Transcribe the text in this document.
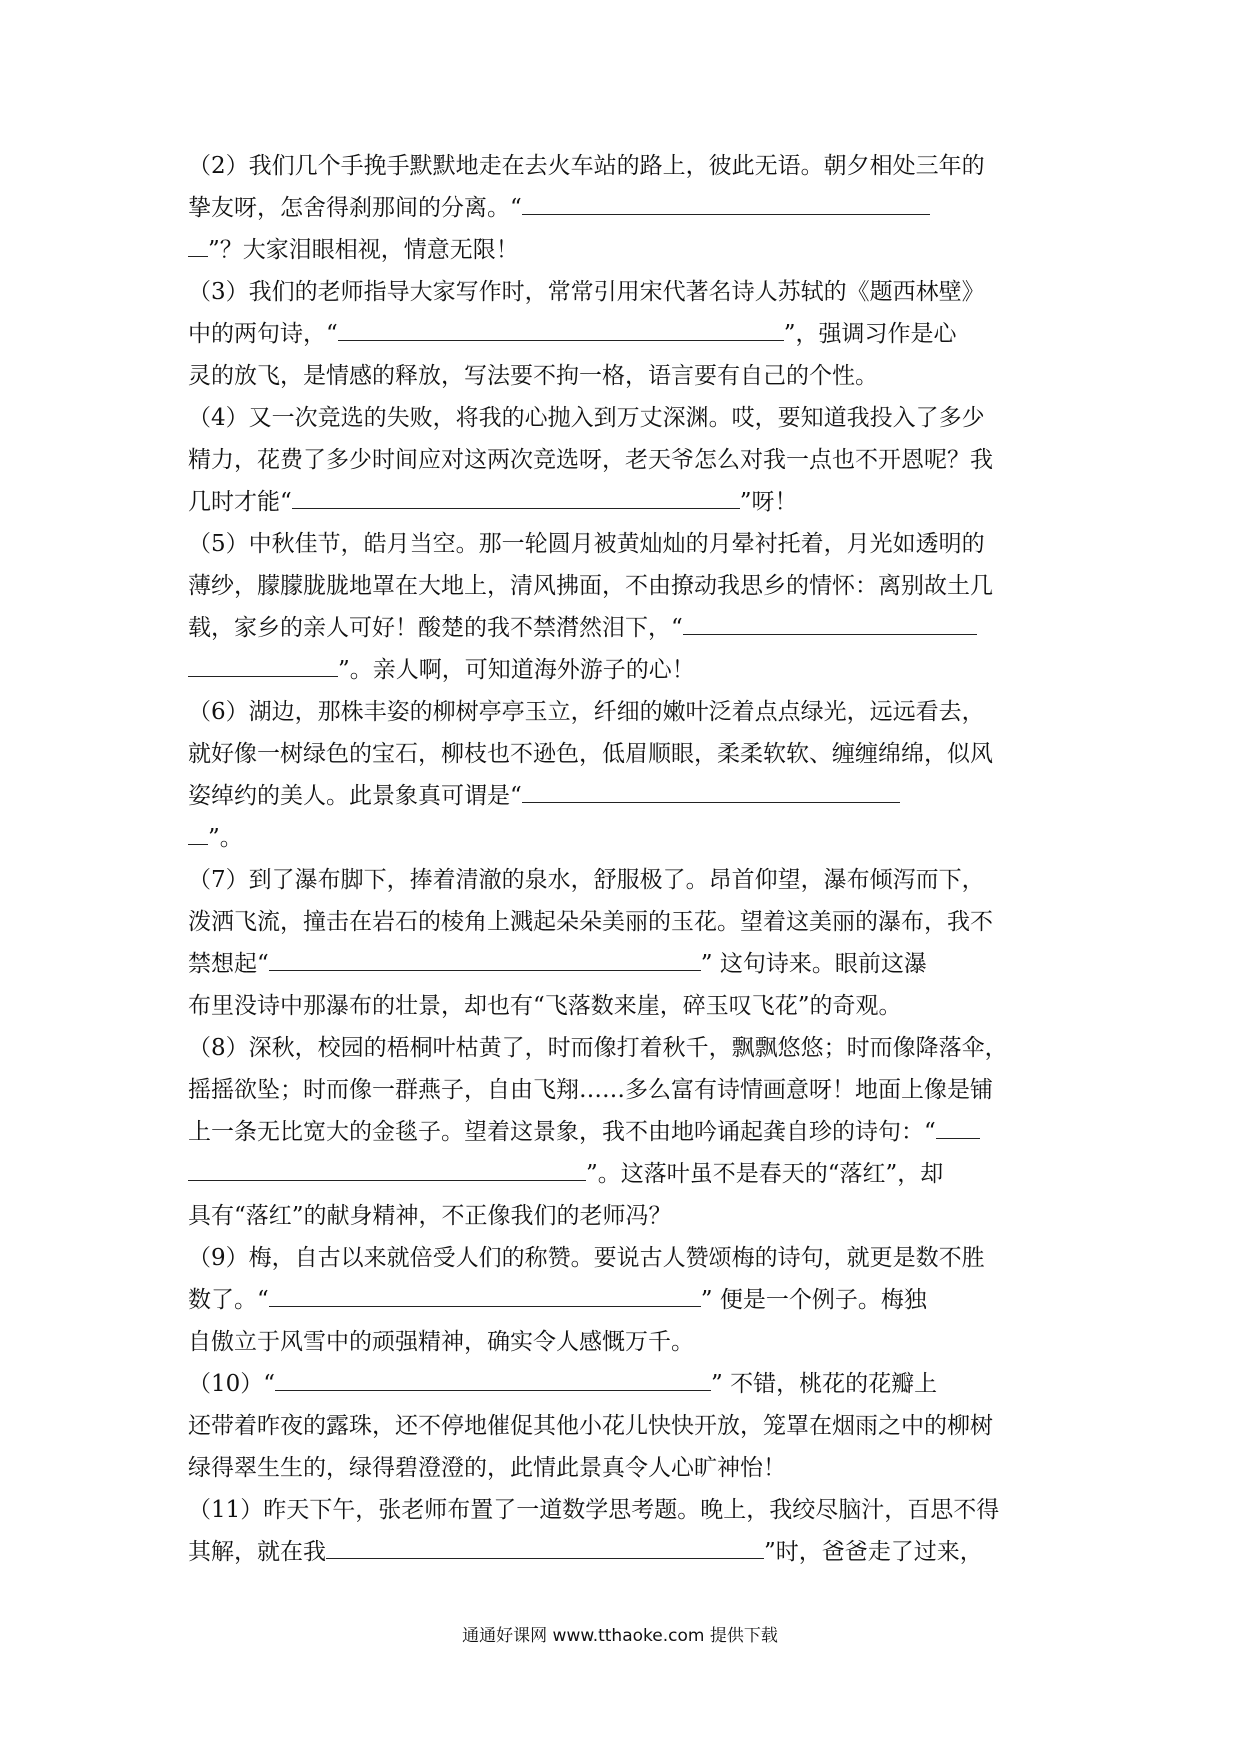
（2）我们几个手挽手默默地走在去火车站的路上，彼此无语。朝夕相处三年的
挚友呀，怎舍得刹那间的分离。“
”？大家泪眼相视，情意无限！
（3）我们的老师指导大家写作时，常常引用宋代著名诗人苏轼的《题西林壁》
中的两句诗，“	”，强调习作是心
灵的放飞，是情感的释放，写法要不拘一格，语言要有自己的个性。
（4）又一次竞选的失败，将我的心抛入到万丈深渊。哎，要知道我投入了多少
精力，花费了多少时间应对这两次竞选呀，老天爷怎么对我一点也不开恩呢？我
几时才能“	”呀！
（5）中秋佳节，皓月当空。那一轮圆月被黄灿灿的月晕衬托着，月光如透明的
薄纱，朦朦胧胧地罩在大地上，清风拂面，不由撩动我思乡的情怀：离别故土几
载，家乡的亲人可好！酸楚的我不禁潸然泪下，“
”。亲人啊，可知道海外游子的心！
（6）湖边，那株丰姿的柳树亭亭玉立，纤细的嫩叶泛着点点绿光，远远看去，
就好像一树绿色的宝石，柳枝也不逊色，低眉顺眼，柔柔软软、缠缠绵绵，似风
姿绰约的美人。此景象真可谓是“
”。
（7）到了瀑布脚下，捧着清澈的泉水，舒服极了。昂首仰望，瀑布倾泻而下，
泼洒飞流，撞击在岩石的棱角上溅起朵朵美丽的玉花。望着这美丽的瀑布，我不
禁想起“	” 这句诗来。眼前这瀑
布里没诗中那瀑布的壮景，却也有“飞落数来崖，碎玉叹飞花”的奇观。
（8）深秋，校园的梧桐叶枯黄了，时而像打着秋千，飘飘悠悠；时而像降落伞，
摇摇欲坠；时而像一群燕子，自由飞翔……多么富有诗情画意呀！地面上像是铺
上一条无比宽大的金毯子。望着这景象，我不由地吟诵起龚自珍的诗句：“
”。这落叶虽不是春天的“落红”，却
具有“落红”的献身精神，不正像我们的老师冯？
（9）梅，自古以来就倍受人们的称赞。要说古人赞颂梅的诗句，就更是数不胜
数了。“	” 便是一个例子。梅独
自傲立于风雪中的顽强精神，确实令人感慨万千。
（10）“	” 不错，桃花的花瓣上
还带着昨夜的露珠，还不停地催促其他小花儿快快开放，笼罩在烟雨之中的柳树
绿得翠生生的，绿得碧澄澄的，此情此景真令人心旷神怡！
（11）昨天下午，张老师布置了一道数学思考题。晚上，我绞尽脑汁，百思不得
其解，就在我	”时，爸爸走了过来，
通通好课网 www.tthaoke.com 提供下载
